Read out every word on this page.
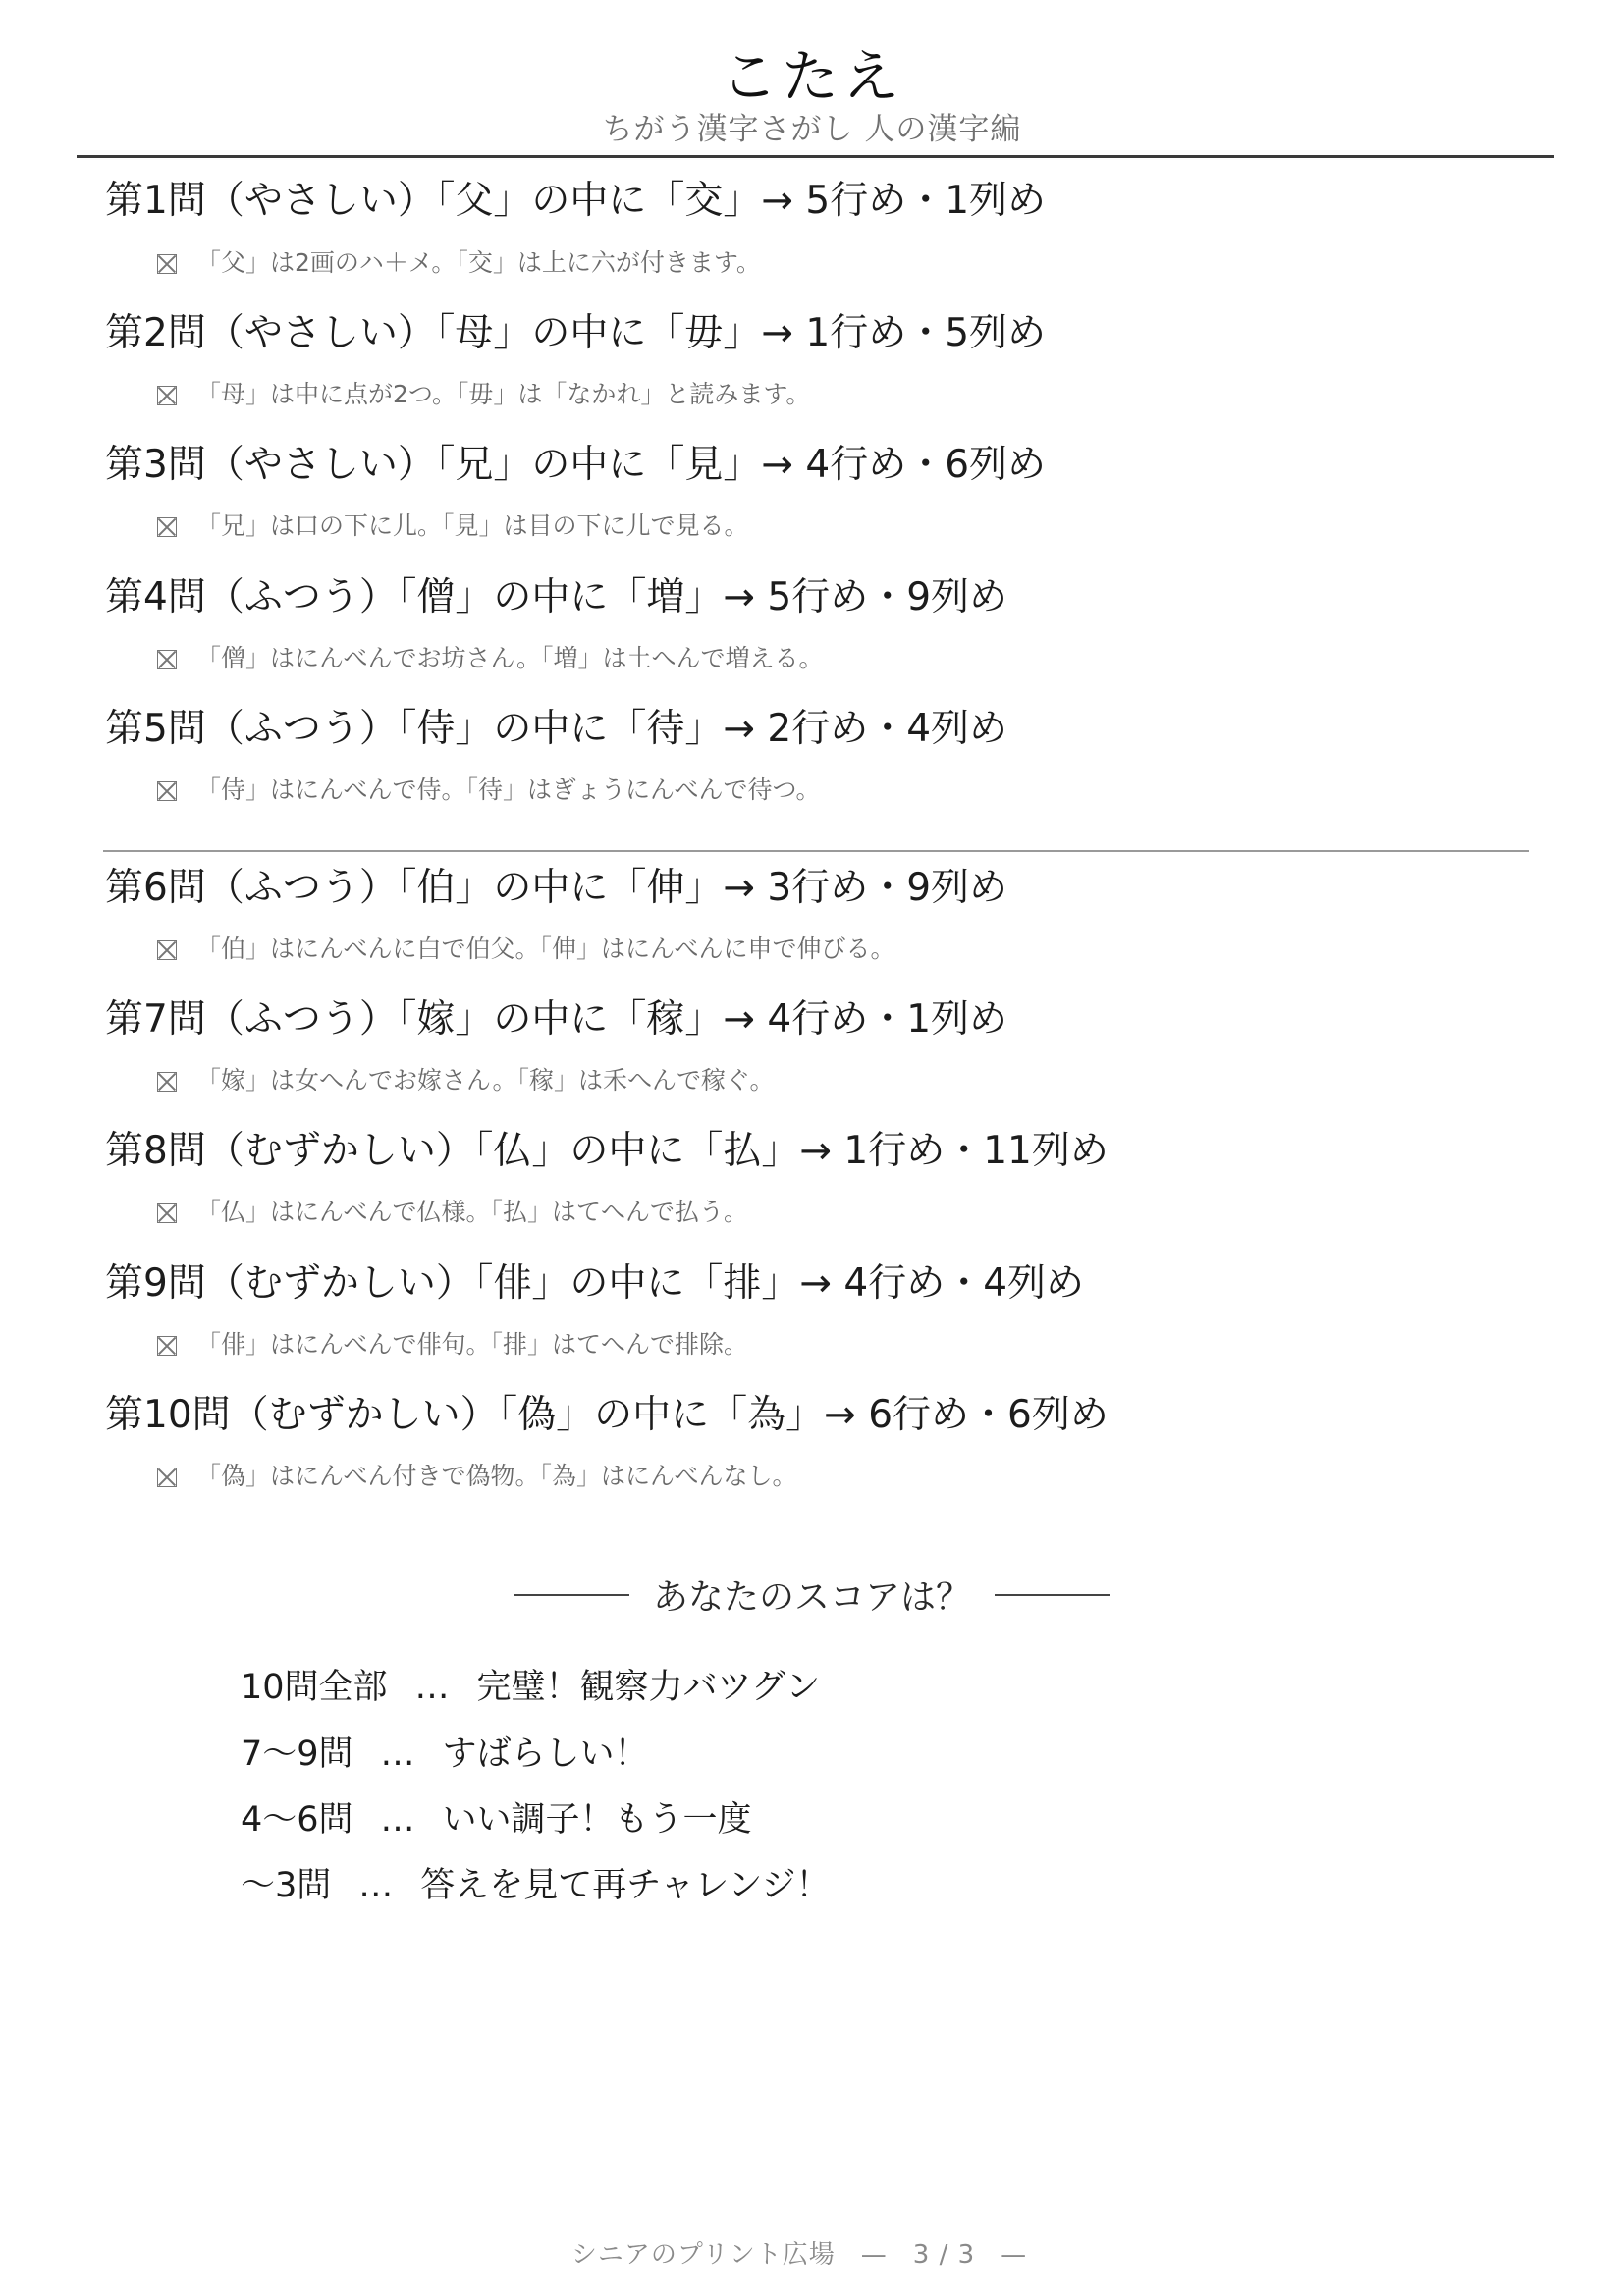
こたえ
ちがう漢字さがし 人の漢字編
第1問（やさしい）「父」の中に「交」→ 5行め・1列め
「父」は2画のハ＋メ。「交」は上に六が付きます。
第2問（やさしい）「母」の中に「毋」→ 1行め・5列め
「母」は中に点が2つ。「毋」は「なかれ」と読みます。
第3問（やさしい）「兄」の中に「見」→ 4行め・6列め
「兄」は口の下に儿。「見」は目の下に儿で見る。
第4問（ふつう）「僧」の中に「増」→ 5行め・9列め
「僧」はにんべんでお坊さん。「増」は土へんで増える。
第5問（ふつう）「侍」の中に「待」→ 2行め・4列め
「侍」はにんべんで侍。「待」はぎょうにんべんで待つ。
第6問（ふつう）「伯」の中に「伸」→ 3行め・9列め
「伯」はにんべんに白で伯父。「伸」はにんべんに申で伸びる。
第7問（ふつう）「嫁」の中に「稼」→ 4行め・1列め
「嫁」は女へんでお嫁さん。「稼」は禾へんで稼ぐ。
第8問（むずかしい）「仏」の中に「払」→ 1行め・11列め
「仏」はにんべんで仏様。「払」はてへんで払う。
第9問（むずかしい）「俳」の中に「排」→ 4行め・4列め
「俳」はにんべんで俳句。「排」はてへんで排除。
第10問（むずかしい）「偽」の中に「為」→ 6行め・6列め
「偽」はにんべん付きで偽物。「為」はにんべんなし。
あなたのスコアは？
10問全部 … 完璧！観察力バツグン
7〜9問 … すばらしい！
4〜6問 … いい調子！もう一度
〜3問 … 答えを見て再チャレンジ！
シニアのプリント広場 — 3 / 3 —
